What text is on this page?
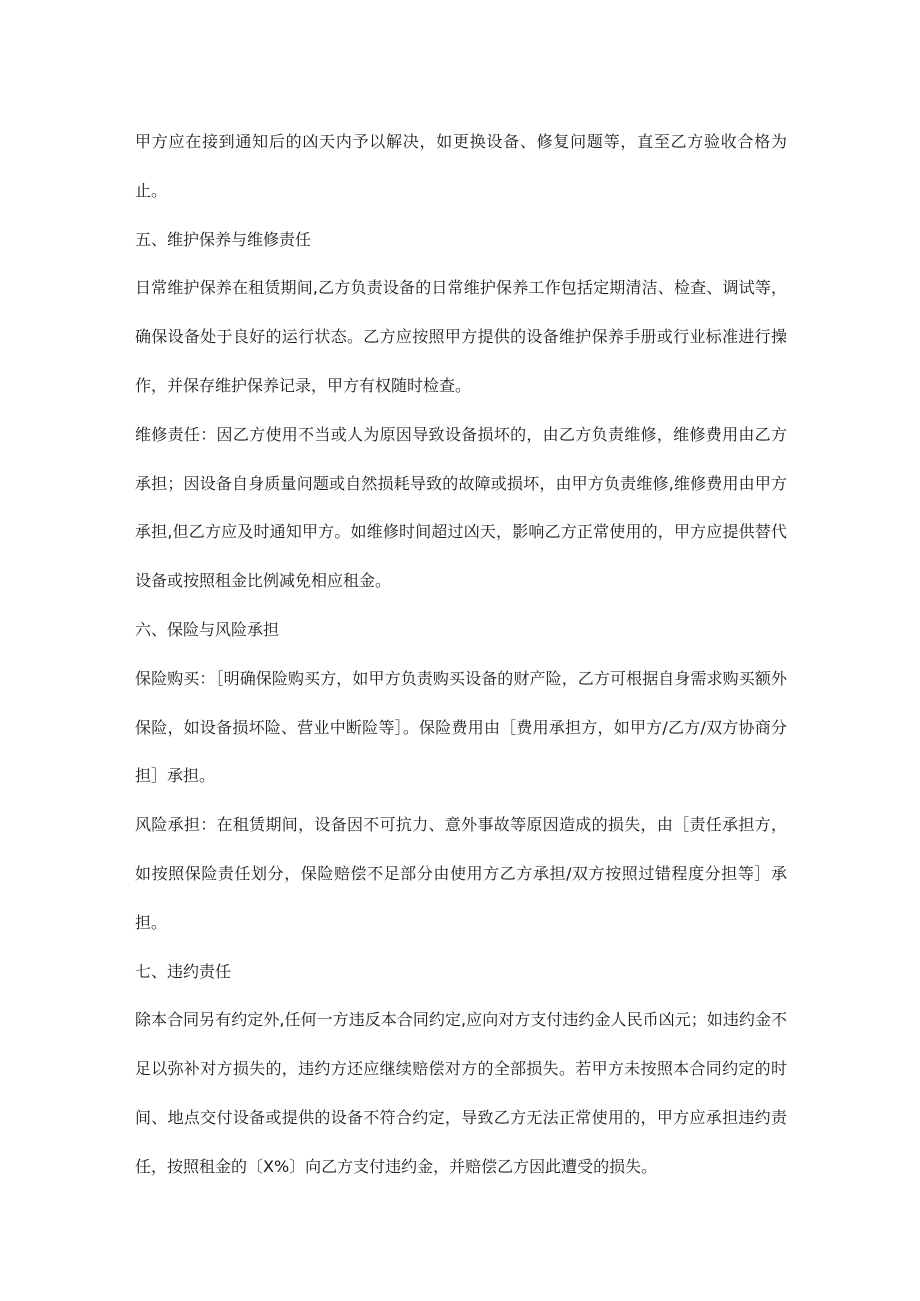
甲方应在接到通知后的凶天内予以解决，如更换设备、修复问题等，直至乙方验收合格为止。

五、维护保养与维修责任

日常维护保养在租赁期间,乙方负责设备的日常维护保养工作包括定期清洁、检查、调试等，确保设备处于良好的运行状态。乙方应按照甲方提供的设备维护保养手册或行业标准进行操作，并保存维护保养记录，甲方有权随时检查。

维修责任：因乙方使用不当或人为原因导致设备损坏的，由乙方负责维修，维修费用由乙方承担；因设备自身质量问题或自然损耗导致的故障或损坏，由甲方负责维修,维修费用由甲方承担,但乙方应及时通知甲方。如维修时间超过凶天，影响乙方正常使用的，甲方应提供替代设备或按照租金比例减免相应租金。

六、保险与风险承担

保险购买：［明确保险购买方，如甲方负责购买设备的财产险，乙方可根据自身需求购买额外保险，如设备损坏险、营业中断险等］。保险费用由［费用承担方，如甲方/乙方/双方协商分担］承担。

风险承担：在租赁期间，设备因不可抗力、意外事故等原因造成的损失，由［责任承担方，如按照保险责任划分，保险赔偿不足部分由使用方乙方承担/双方按照过错程度分担等］承担。

七、违约责任

除本合同另有约定外,任何一方违反本合同约定,应向对方支付违约金人民币凶元；如违约金不足以弥补对方损失的，违约方还应继续赔偿对方的全部损失。若甲方未按照本合同约定的时间、地点交付设备或提供的设备不符合约定，导致乙方无法正常使用的，甲方应承担违约责任，按照租金的〔X%〕向乙方支付违约金，并赔偿乙方因此遭受的损失。
